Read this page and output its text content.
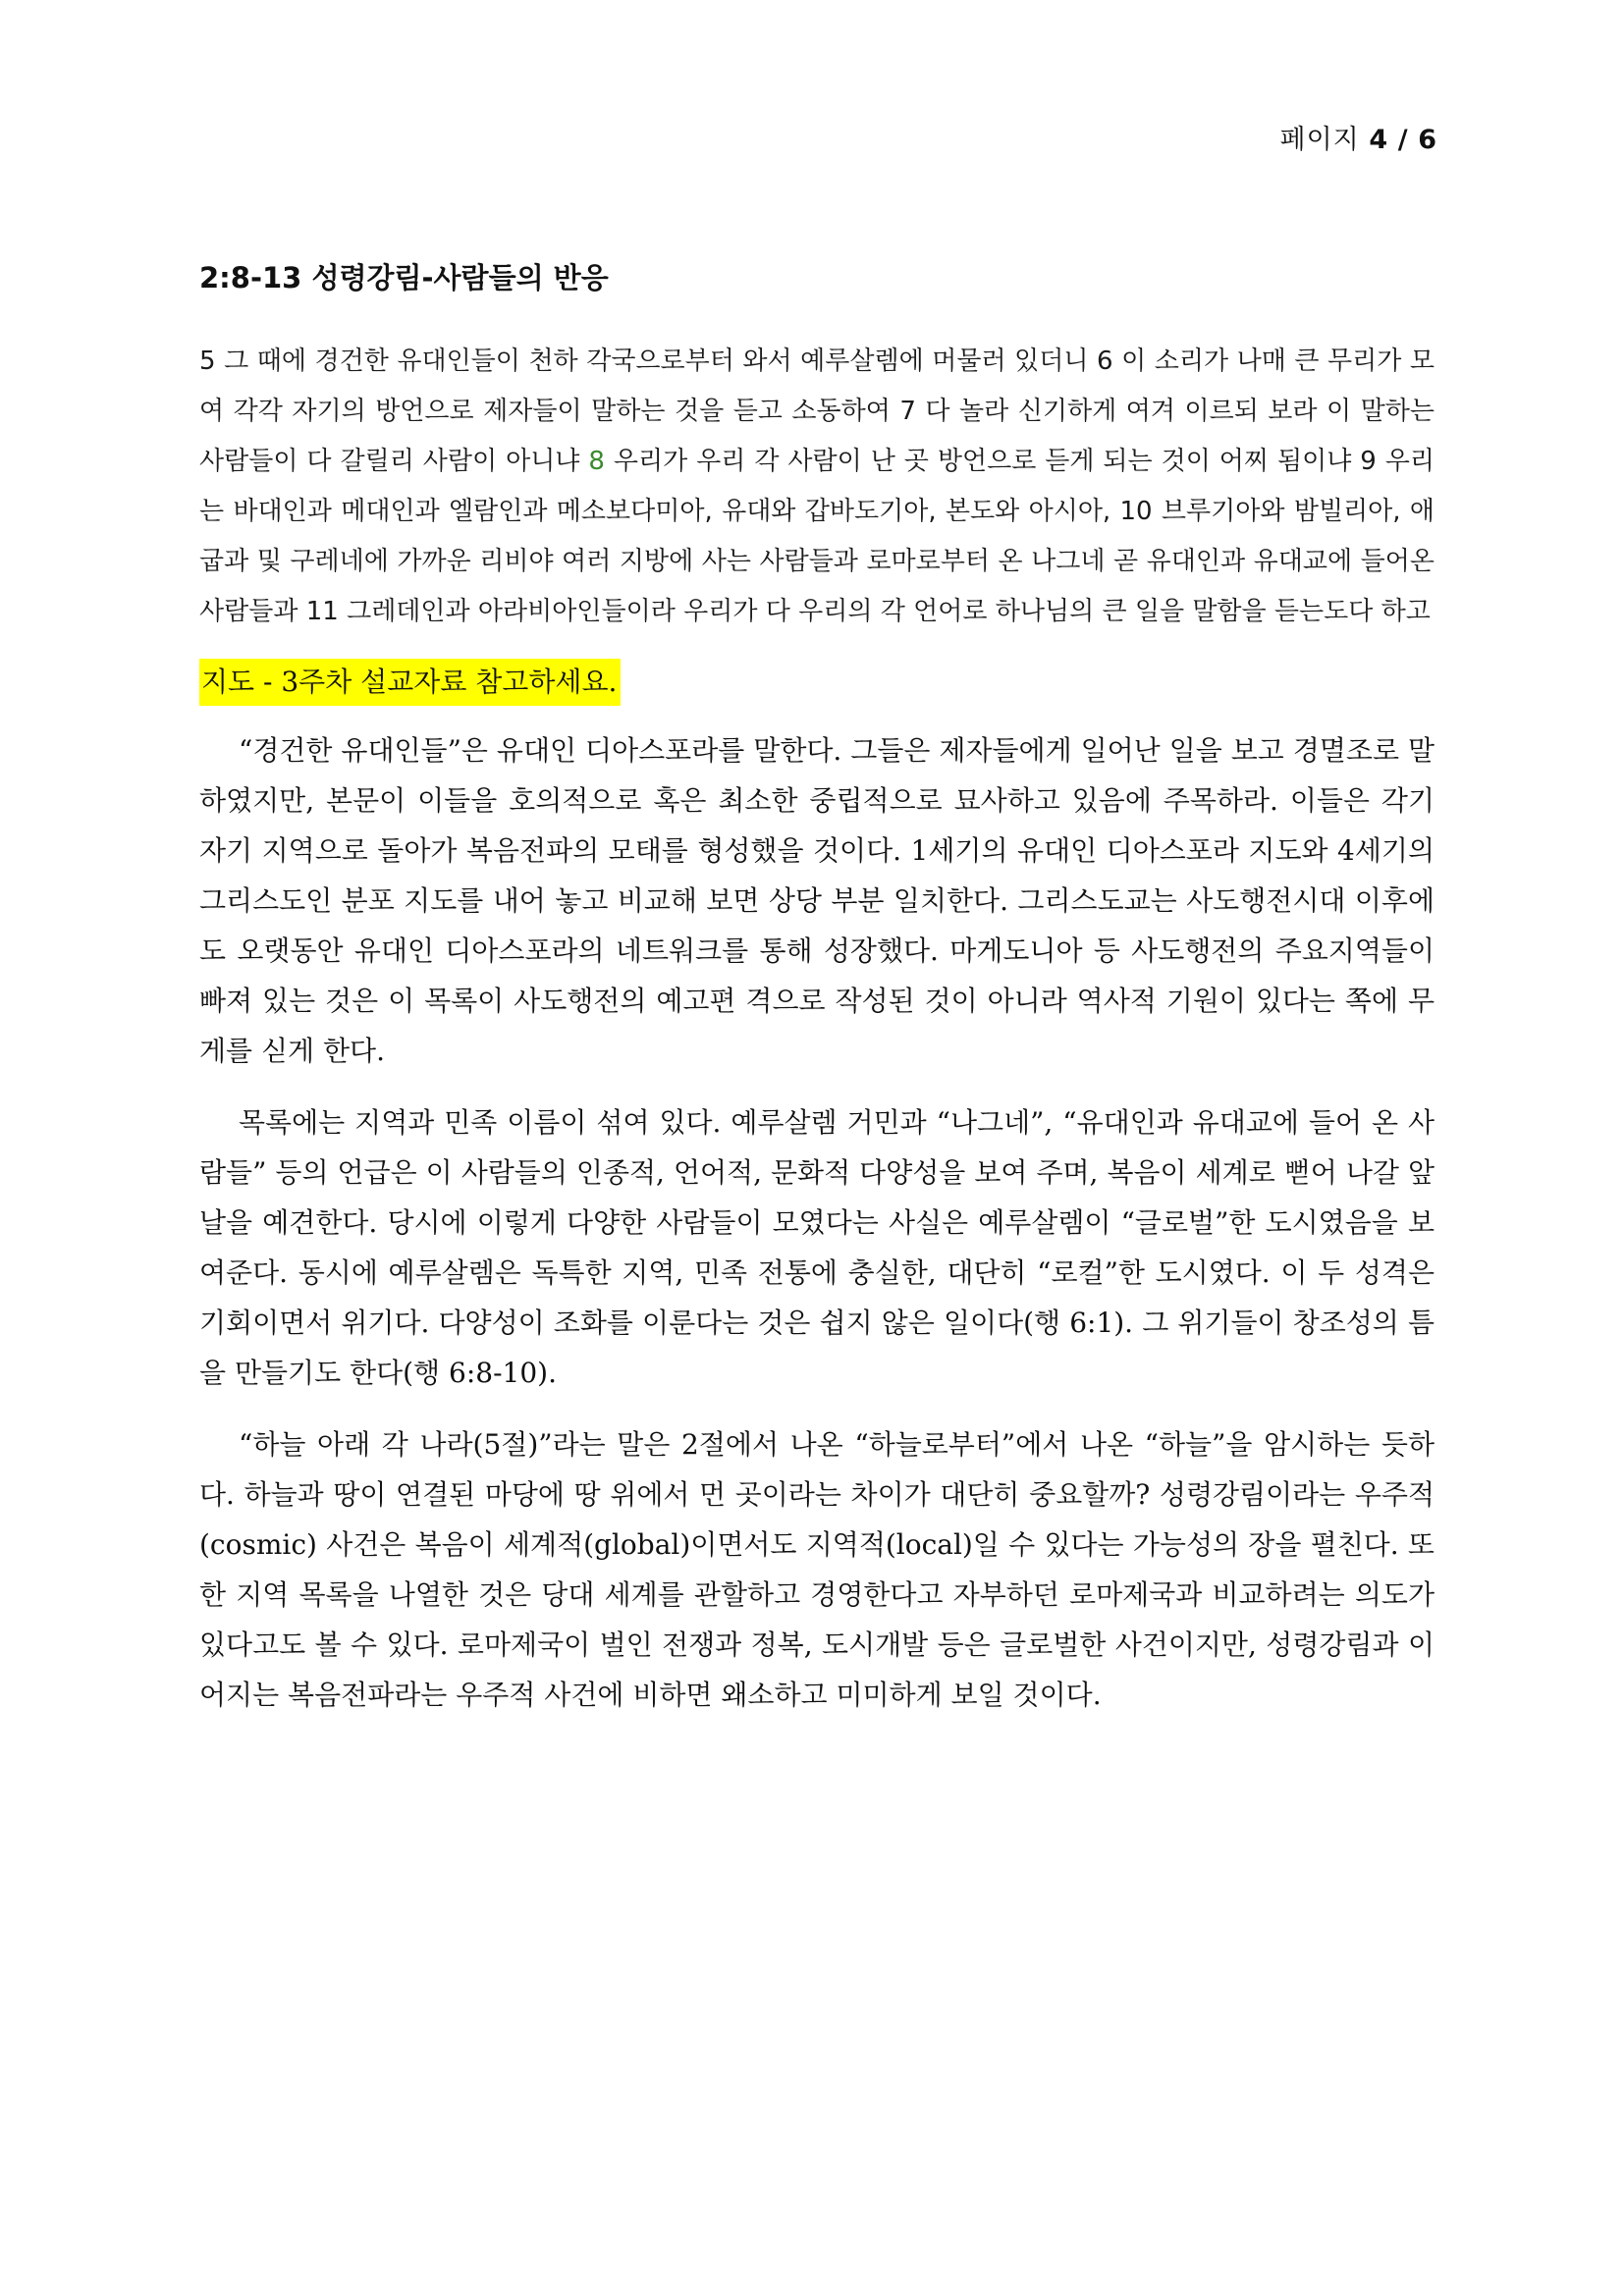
페이지 4 / 6
2:8-13 성령강림-사람들의 반응

5 그 때에 경건한 유대인들이 천하 각국으로부터 와서 예루살렘에 머물러 있더니 6 이 소리가 나매 큰 무리가 모여 각각 자기의 방언으로 제자들이 말하는 것을 듣고 소동하여 7 다 놀라 신기하게 여겨 이르되 보라 이 말하는 사람들이 다 갈릴리 사람이 아니냐 8 우리가 우리 각 사람이 난 곳 방언으로 듣게 되는 것이 어찌 됨이냐 9 우리는 바대인과 메대인과 엘람인과 메소보다미아, 유대와 갑바도기아, 본도와 아시아, 10 브루기아와 밤빌리아, 애굽과 및 구레네에 가까운 리비야 여러 지방에 사는 사람들과 로마로부터 온 나그네 곧 유대인과 유대교에 들어온 사람들과 11 그레데인과 아라비아인들이라 우리가 다 우리의 각 언어로 하나님의 큰 일을 말함을 듣는도다 하고

지도 - 3주차 설교자료 참고하세요.

“경건한 유대인들”은 유대인 디아스포라를 말한다. 그들은 제자들에게 일어난 일을 보고 경멸조로 말하였지만, 본문이 이들을 호의적으로 혹은 최소한 중립적으로 묘사하고 있음에 주목하라. 이들은 각기 자기 지역으로 돌아가 복음전파의 모태를 형성했을 것이다. 1세기의 유대인 디아스포라 지도와 4세기의 그리스도인 분포 지도를 내어 놓고 비교해 보면 상당 부분 일치한다. 그리스도교는 사도행전시대 이후에도 오랫동안 유대인 디아스포라의 네트워크를 통해 성장했다. 마게도니아 등 사도행전의 주요지역들이 빠져 있는 것은 이 목록이 사도행전의 예고편 격으로 작성된 것이 아니라 역사적 기원이 있다는 쪽에 무게를 싣게 한다.

목록에는 지역과 민족 이름이 섞여 있다. 예루살렘 거민과 “나그네”, “유대인과 유대교에 들어 온 사람들” 등의 언급은 이 사람들의 인종적, 언어적, 문화적 다양성을 보여 주며, 복음이 세계로 뻗어 나갈 앞날을 예견한다. 당시에 이렇게 다양한 사람들이 모였다는 사실은 예루살렘이 “글로벌”한 도시였음을 보여준다. 동시에 예루살렘은 독특한 지역, 민족 전통에 충실한, 대단히 “로컬”한 도시였다. 이 두 성격은 기회이면서 위기다. 다양성이 조화를 이룬다는 것은 쉽지 않은 일이다(행 6:1). 그 위기들이 창조성의 틈을 만들기도 한다(행 6:8-10).

“하늘 아래 각 나라(5절)”라는 말은 2절에서 나온 “하늘로부터”에서 나온 “하늘”을 암시하는 듯하다. 하늘과 땅이 연결된 마당에 땅 위에서 먼 곳이라는 차이가 대단히 중요할까? 성령강림이라는 우주적(cosmic) 사건은 복음이 세계적(global)이면서도 지역적(local)일 수 있다는 가능성의 장을 펼친다. 또한 지역 목록을 나열한 것은 당대 세계를 관할하고 경영한다고 자부하던 로마제국과 비교하려는 의도가 있다고도 볼 수 있다. 로마제국이 벌인 전쟁과 정복, 도시개발 등은 글로벌한 사건이지만, 성령강림과 이어지는 복음전파라는 우주적 사건에 비하면 왜소하고 미미하게 보일 것이다.
